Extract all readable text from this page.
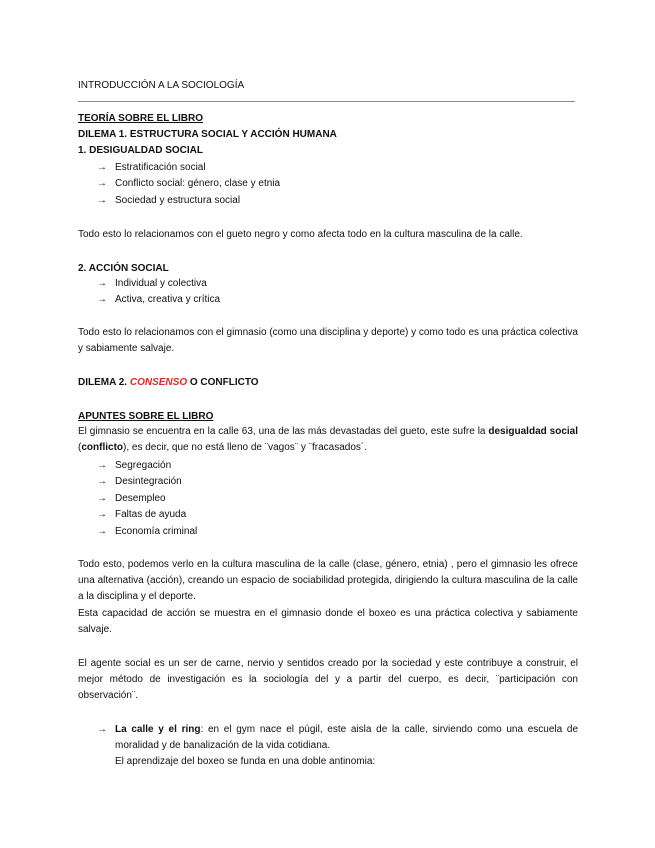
INTRODUCCIÓN A LA SOCIOLOGÍA
TEORÍA SOBRE EL LIBRO
DILEMA 1. ESTRUCTURA SOCIAL Y ACCIÓN HUMANA
1. DESIGUALDAD SOCIAL
→ Estratificación social
→ Conflicto social: género, clase y etnia
→ Sociedad y estructura social
Todo esto lo relacionamos con el gueto negro y como afecta todo en la cultura masculina de la calle.
2. ACCIÓN SOCIAL
→ Individual y colectiva
→ Activa, creativa y crítica
Todo esto lo relacionamos con el gimnasio (como una disciplina y deporte) y como todo es una práctica colectiva y sabiamente salvaje.
DILEMA 2. CONSENSO O CONFLICTO
APUNTES SOBRE EL LIBRO
El gimnasio se encuentra en la calle 63, una de las más devastadas del gueto, este sufre la desigualdad social (conflicto), es decir, que no está lleno de ¨vagos¨ y ¨fracasados´.
→ Segregación
→ Desintegración
→ Desempleo
→ Faltas de ayuda
→ Economía criminal
Todo esto, podemos verlo en la cultura masculina de la calle (clase, género, etnia) , pero el gimnasio les ofrece una alternativa (acción), creando un espacio de sociabilidad protegida, dirigiendo la cultura masculina de la calle a la disciplina y el deporte.
Esta capacidad de acción se muestra en el gimnasio donde el boxeo es una práctica colectiva y sabiamente salvaje.
El agente social es un ser de carne, nervio y sentidos creado por la sociedad y este contribuye a construir, el mejor método de investigación es la sociología del y a partir del cuerpo, es decir, ¨participación con observación¨.
→ La calle y el ring: en el gym nace el púgil, este aisla de la calle, sirviendo como una escuela de moralidad y de banalización de la vida cotidiana.
El aprendizaje del boxeo se funda en una doble antinomia:
